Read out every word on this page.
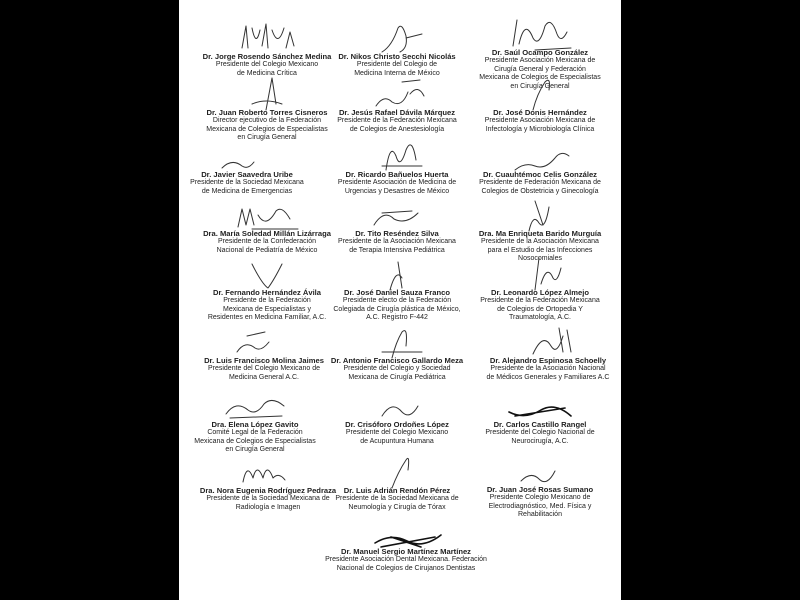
Dr. Jorge Rosendo Sánchez Medina
Presidente del Colegio Mexicano
de Medicina Crítica
Dr. Nikos Christo Secchi Nicolás
Presidente del Colegio de
Medicina Interna de México
Dr. Saúl Ocampo González
Presidente Asociación Mexicana de
Cirugía General y Federación
Mexicana de Colegios de Especialistas
en Cirugía General
Dr. Juan Roberto Torres Cisneros
Director ejecutivo de la Federación
Mexicana de Colegios de Especialistas
en Cirugía General
Dr. Jesús Rafael Dávila Márquez
Presidente de la Federación Mexicana
de Colegios de Anestesiología
Dr. José Donis Hernández
Presidente Asociación Mexicana de
Infectología y Microbiología Clínica
Dr. Javier Saavedra Uribe
Presidente de la Sociedad Mexicana
de Medicina de Emergencias
Dr. Ricardo Bañuelos Huerta
Presidente Asociación de Medicina de
Urgencias y Desastres de México
Dr. Cuauhtémoc Celis González
Presidente de Federación Mexicana de
Colegios de Obstetricia y Ginecología
Dra. María Soledad Millán Lizárraga
Presidente de la Confederación
Nacional de Pediatría de México
Dr. Tito Reséndez Silva
Presidente de la Asociación Mexicana
de Terapia Intensiva Pediátrica
Dra. Ma Enriqueta Barido Murguía
Presidente de la Asociación Mexicana
para el Estudio de las Infecciones
Nosocomiales
Dr. Fernando Hernández Ávila
Presidente de la Federación
Mexicana de Especialistas y
Residentes en Medicina Familiar, A.C.
Dr. José Daniel Sauza Franco
Presidente electo de la Federación
Colegiada de Cirugía plástica de México,
A.C. Registro F-442
Dr. Leonardo López Almejo
Presidente de la Federación Mexicana
de Colegios de Ortopedia Y
Traumatología, A.C.
Dr. Luis Francisco Molina Jaimes
Presidente del Colegio Mexicano de
Medicina General A.C.
Dr. Antonio Francisco Gallardo Meza
Presidente del Colegio y Sociedad
Mexicana de Cirugía Pediátrica
Dr. Alejandro Espinosa Schoelly
Presidente de la Asociación Nacional
de Médicos Generales y Familiares A.C
Dra. Elena López Gavito
Comité Legal de la Federación
Mexicana de Colegios de Especialistas
en Cirugía General
Dr. Crisóforo Ordoñes López
Presidente del Colegio Mexicano
de Acupuntura Humana
Dr. Carlos Castillo Rangel
Presidente del Colegio Nacional de
Neurocirugía, A.C.
Dra. Nora Eugenia Rodríguez Pedraza
Presidente de la Sociedad Mexicana de
Radiología e Imagen
Dr. Luis Adrián Rendón Pérez
Presidente de la Sociedad Mexicana de
Neumología y Cirugía de Tórax
Dr. Juan José Rosas Sumano
Presidente Colegio Mexicano de
Electrodiagnóstico, Med. Física y
Rehabilitación
Dr. Manuel Sergio Martínez Martínez
Presidente Asociación Dental Mexicana. Federación
Nacional de Colegios de Cirujanos Dentistas
